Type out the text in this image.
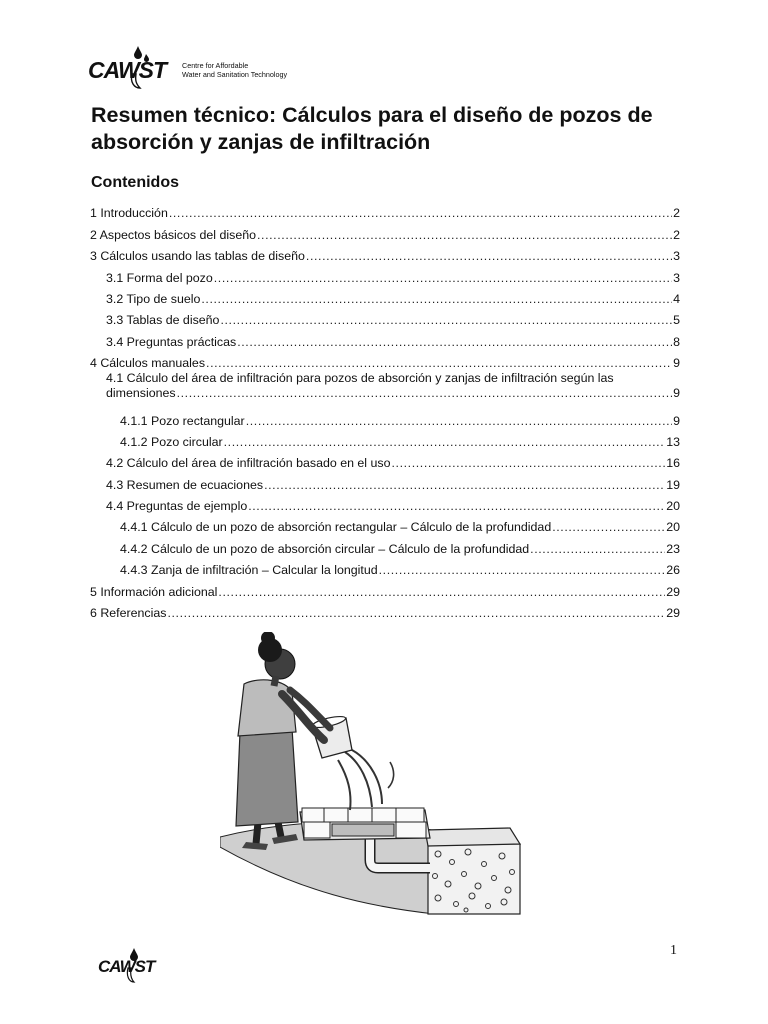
CAWST	Centre for Affordable
Water and Sanitation Technology
Resumen técnico: Cálculos para el diseño de pozos de absorción y zanjas de infiltración
Contenidos
1 Introducción .....	2
2 Aspectos básicos del diseño .....	2
3 Cálculos usando las tablas de diseño .....	3
3.1 Forma del pozo .....	3
3.2 Tipo de suelo .....	4
3.3 Tablas de diseño .....	5
3.4 Preguntas prácticas .....	8
4 Cálculos manuales .....	9
4.1 Cálculo del área de infiltración para pozos de absorción y zanjas de infiltración según las
dimensiones .....	9
4.1.1 Pozo rectangular .....	9
4.1.2 Pozo circular .....	13
4.2 Cálculo del área de infiltración basado en el uso .....	16
4.3 Resumen de ecuaciones .....	19
4.4 Preguntas de ejemplo .....	20
4.4.1 Cálculo de un pozo de absorción rectangular – Cálculo de la profundidad .....	20
4.4.2 Cálculo de un pozo de absorción circular – Cálculo de la profundidad .....	23
4.4.3 Zanja de infiltración – Calcular la longitud .....	26
5 Información adicional .....	29
6 Referencias .....	29
1
CAWST
